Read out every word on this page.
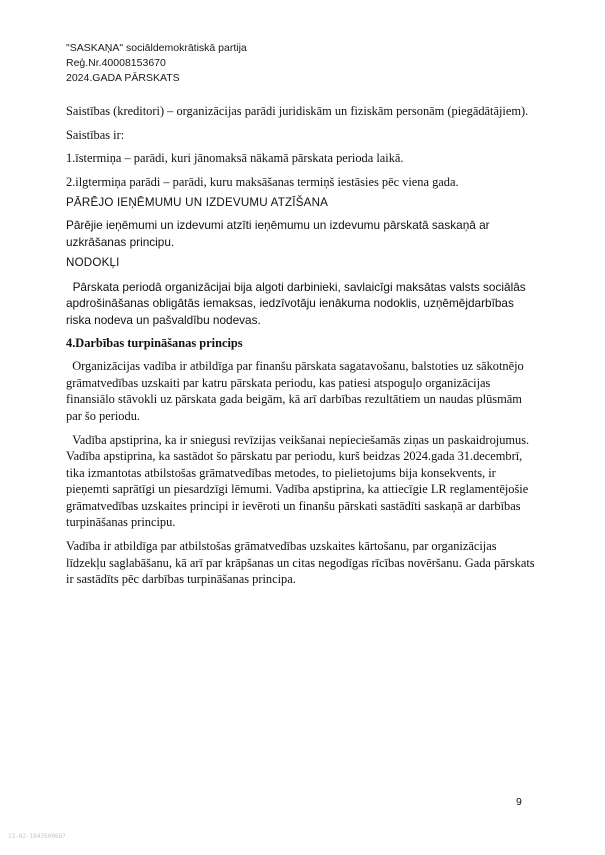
"SASKAŅA" sociāldemokrātiskā partija
Reģ.Nr.40008153670
2024.GADA PĀRSKATS

Saistības (kreditori) – organizācijas parādi juridiskām un fiziskām personām (piegādātājiem).

Saistības ir:

1.īstermiņa – parādi, kuri jānomaksā nākamā pārskata perioda laikā.

2.ilgtermiņa parādi – parādi, kuru maksāšanas termiņš iestāsies pēc viena gada.

PĀRĒJO IEŅĒMUMU UN IZDEVUMU ATZĪŠANA

Pārējie ieņēmumi un izdevumi atzīti ieņēmumu un izdevumu pārskatā saskaņā ar uzkrāšanas principu.

NODOKĻI

Pārskata periodā organizācijai bija algoti darbinieki, savlaicīgi maksātas valsts sociālās apdrošināšanas obligātās iemaksas, iedzīvotāju ienākuma nodoklis, uzņēmējdarbības riska nodeva un pašvaldību nodevas.

4.Darbības turpināšanas princips

Organizācijas vadība ir atbildīga par finanšu pārskata sagatavošanu, balstoties uz sākotnējo grāmatvedības uzskaiti par katru pārskata periodu, kas patiesi atspoguļo organizācijas finansiālo stāvokli uz pārskata gada beigām, kā arī darbības rezultātiem un naudas plūsmām par šo periodu.

Vadība apstiprina, ka ir sniegusi revīzijas veikšanai nepieciešamās ziņas un paskaidrojumus. Vadība apstiprina, ka sastādot šo pārskatu par periodu, kurš beidzas 2024.gada 31.decembrī, tika izmantotas atbilstošas grāmatvedības metodes, to pielietojums bija konsekvents, ir pieņemti saprātīgi un piesardzīgi lēmumi. Vadība apstiprina, ka attiecīgie LR reglamentējošie grāmatvedības uzskaites principi ir ievēroti un finanšu pārskati sastādīti saskaņā ar darbības turpināšanas principu.

Vadība ir atbildīga par atbilstošas grāmatvedības uzskaites kārtošanu, par organizācijas līdzekļu saglabāšanu, kā arī par krāpšanas un citas negodīgas rīcības novēršanu. Gada pārskats ir sastādīts pēc darbības turpināšanas principa.

9
13-02-1043509687
